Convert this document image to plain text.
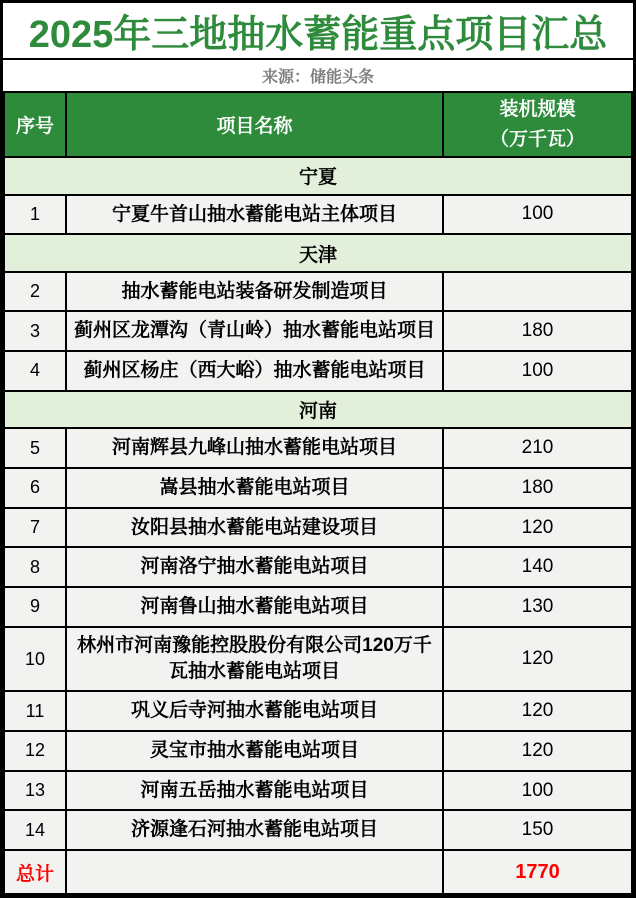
2025年三地抽水蓄能重点项目汇总
来源：储能头条
序号	项目名称	装机规模
（万千瓦）

宁夏		
1	宁夏牛首山抽水蓄能电站主体项目	100
天津		
2	抽水蓄能电站装备研发制造项目	
3	蓟州区龙潭沟（青山岭）抽水蓄能电站项目	180
4	蓟州区杨庄（西大峪）抽水蓄能电站项目	100
河南		
5	河南辉县九峰山抽水蓄能电站项目	210
6	嵩县抽水蓄能电站项目	180
7	汝阳县抽水蓄能电站建设项目	120
8	河南洛宁抽水蓄能电站项目	140
9	河南鲁山抽水蓄能电站项目	130
10	林州市河南豫能控股股份有限公司120万千瓦抽水蓄能电站项目	120
11	巩义后寺河抽水蓄能电站项目	120
12	灵宝市抽水蓄能电站项目	120
13	河南五岳抽水蓄能电站项目	100
14	济源逢石河抽水蓄能电站项目	150
总计		1770
